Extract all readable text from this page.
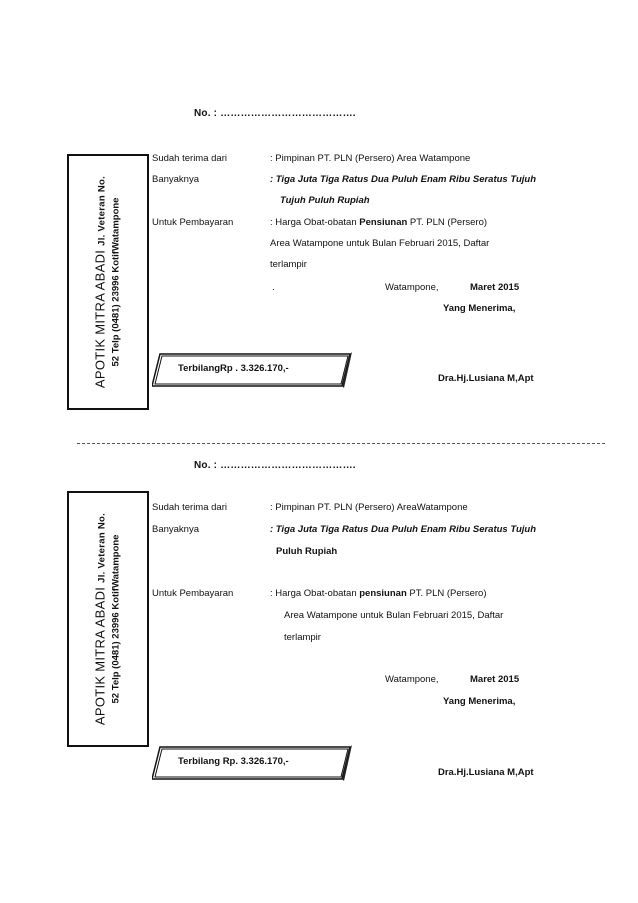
No. : ………………………………….
APOTIK MITRA ABADI Jl. Veteran No. 52 Telp (0481) 23996 KotifWatampone
Sudah terima dari	: Pimpinan PT. PLN (Persero) Area Watampone
Banyaknya	: Tiga Juta Tiga Ratus Dua Puluh Enam Ribu Seratus Tujuh
Tujuh Puluh Rupiah
Untuk Pembayaran	: Harga Obat-obatan Pensiunan PT. PLN (Persero)
Area Watampone untuk Bulan Februari 2015, Daftar
terlampir
.	Watampone,	Maret 2015
Yang Menerima,
TerbilangRp . 3.326.170,-
Dra.Hj.Lusiana M,Apt
No. : ………………………………….
APOTIK MITRA ABADI Jl. Veteran No. 52 Telp (0481) 23996 KotifWatampone
Sudah terima dari	: Pimpinan PT. PLN (Persero) AreaWatampone
Banyaknya	: Tiga Juta Tiga Ratus Dua Puluh Enam Ribu Seratus Tujuh
Puluh Rupiah
Untuk Pembayaran	: Harga Obat-obatan pensiunan PT. PLN (Persero)
Area Watampone untuk Bulan Februari 2015, Daftar
terlampir
Watampone,	Maret 2015
Yang Menerima,
Terbilang Rp. 3.326.170,-
Dra.Hj.Lusiana M,Apt
